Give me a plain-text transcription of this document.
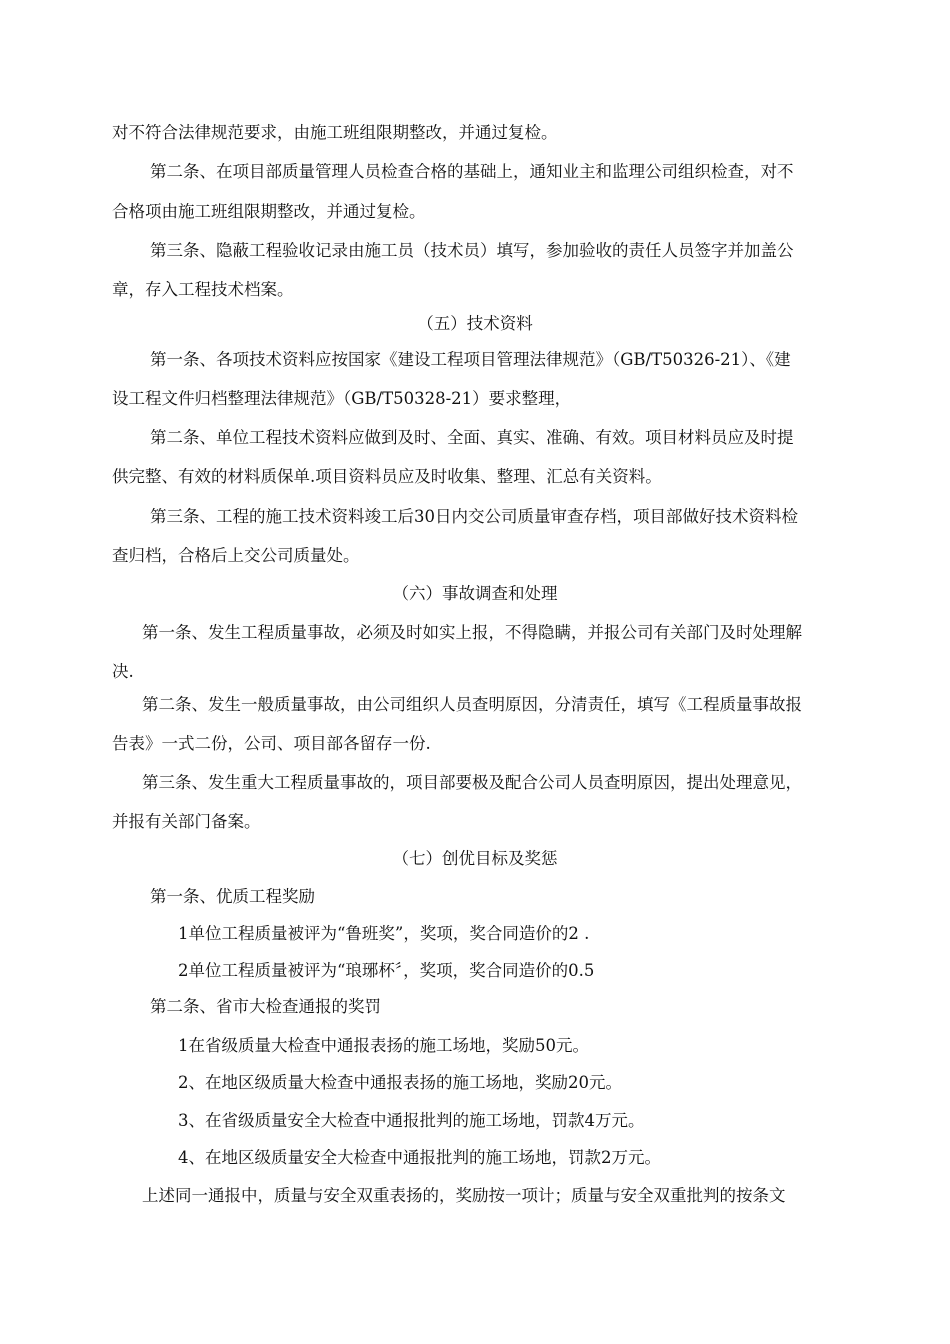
对不符合法律规范要求，由施工班组限期整改，并通过复检。
第二条、在项目部质量管理人员检查合格的基础上，通知业主和监理公司组织检查，对不
合格项由施工班组限期整改，并通过复检。
第三条、隐蔽工程验收记录由施工员（技术员）填写，参加验收的责任人员签字并加盖公
章，存入工程技术档案。
（五）技术资料
第一条、各项技术资料应按国家《建设工程项目管理法律规范》（GB/T50326-21）、《建
设工程文件归档整理法律规范》（GB/T50328-21）要求整理，
第二条、单位工程技术资料应做到及时、全面、真实、准确、有效。项目材料员应及时提
供完整、有效的材料质保单.项目资料员应及时收集、整理、汇总有关资料。
第三条、工程的施工技术资料竣工后30日内交公司质量审查存档，项目部做好技术资料检
查归档，合格后上交公司质量处。
（六）事故调查和处理
第一条、发生工程质量事故，必须及时如实上报，不得隐瞒，并报公司有关部门及时处理解
决.
第二条、发生一般质量事故，由公司组织人员查明原因，分清责任，填写《工程质量事故报
告表》一式二份，公司、项目部各留存一份.
第三条、发生重大工程质量事故的，项目部要极及配合公司人员查明原因，提出处理意见，
并报有关部门备案。
（七）创优目标及奖惩
第一条、优质工程奖励
1单位工程质量被评为“鲁班奖”，奖项，奖合同造价的2 .
2单位工程质量被评为“琅琊杯〞，奖项，奖合同造价的0.5
第二条、省市大检查通报的奖罚
1在省级质量大检查中通报表扬的施工场地，奖励50元。
2、在地区级质量大检查中通报表扬的施工场地，奖励20元。
3、在省级质量安全大检查中通报批判的施工场地，罚款4万元。
4、在地区级质量安全大检查中通报批判的施工场地，罚款2万元。
上述同一通报中，质量与安全双重表扬的，奖励按一项计；质量与安全双重批判的按条文
